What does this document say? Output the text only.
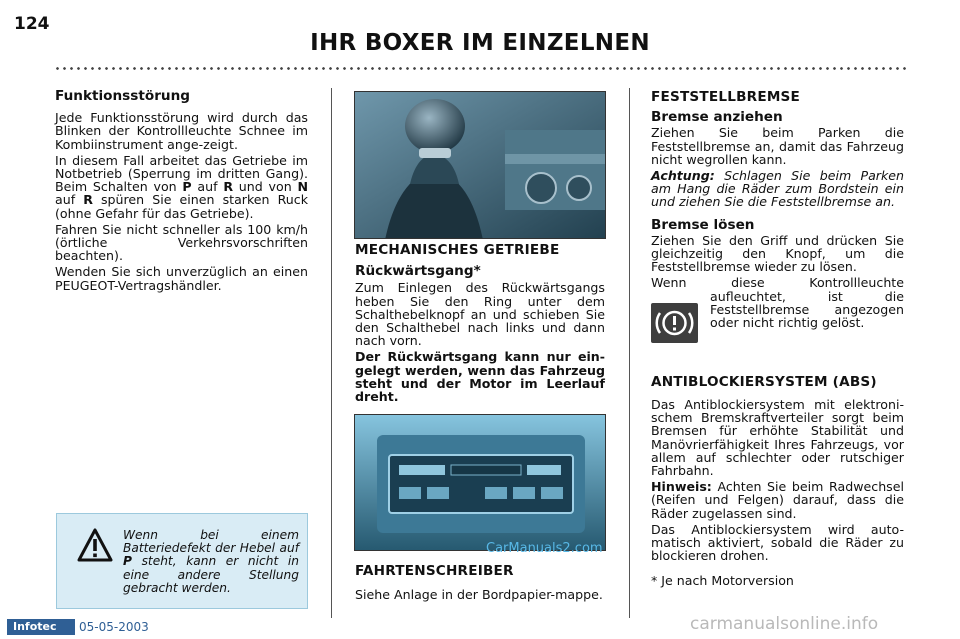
124
IHR BOXER IM EINZELNEN
Funktionsstörung

Jede Funktionsstörung wird durch das Blinken der Kontrollleuchte Schnee im Kombiinstrument ange-zeigt.

In diesem Fall arbeitet das Getriebe im Notbetrieb (Sperrung im dritten Gang). Beim Schalten von P auf R und von N auf R spüren Sie einen starken Ruck (ohne Gefahr für das Getriebe).

Fahren Sie nicht schneller als 100 km/h (örtliche Verkehrsvorschriften beachten).

Wenden Sie sich unverzüglich an einen PEUGEOT-Vertragshändler.

Wenn bei einem Batteriedefekt der Hebel auf P steht, kann er nicht in eine andere Stellung gebracht werden.
MECHANISCHES GETRIEBE
Rückwärtsgang*

Zum Einlegen des Rückwärtsgangs heben Sie den Ring unter dem Schalthebelknopf an und schieben Sie den Schalthebel nach links und dann nach vorn.

Der Rückwärtsgang kann nur ein-gelegt werden, wenn das Fahrzeug steht und der Motor im Leerlauf dreht.

CarManuals2.com
FAHRTENSCHREIBER

Siehe Anlage in der Bordpapier-mappe.

FESTSTELLBREMSE
Bremse anziehen

Ziehen Sie beim Parken die Feststellbremse an, damit das Fahrzeug nicht wegrollen kann.

Achtung: Schlagen Sie beim Parken am Hang die Räder zum Bordstein ein und ziehen Sie die Feststellbremse an.

Bremse lösen

Ziehen Sie den Griff und drücken Sie gleichzeitig den Knopf, um die Feststellbremse wieder zu lösen.

Wenn diese Kontrollleuchte

aufleuchtet, ist die Feststellbremse angezogen oder nicht richtig gelöst.

ANTIBLOCKIERSYSTEM (ABS)

Das Antiblockiersystem mit elektroni-schem Bremskraftverteiler sorgt beim Bremsen für erhöhte Stabilität und Manövrierfähigkeit Ihres Fahrzeugs, vor allem auf schlechter oder rutschiger Fahrbahn.

Hinweis: Achten Sie beim Radwechsel (Reifen und Felgen) darauf, dass die Räder zugelassen sind.

Das Antiblockiersystem wird auto-matisch aktiviert, sobald die Räder zu blockieren drohen.

* Je nach Motorversion

Infotec	05-05-2003	carmanualsonline.info
